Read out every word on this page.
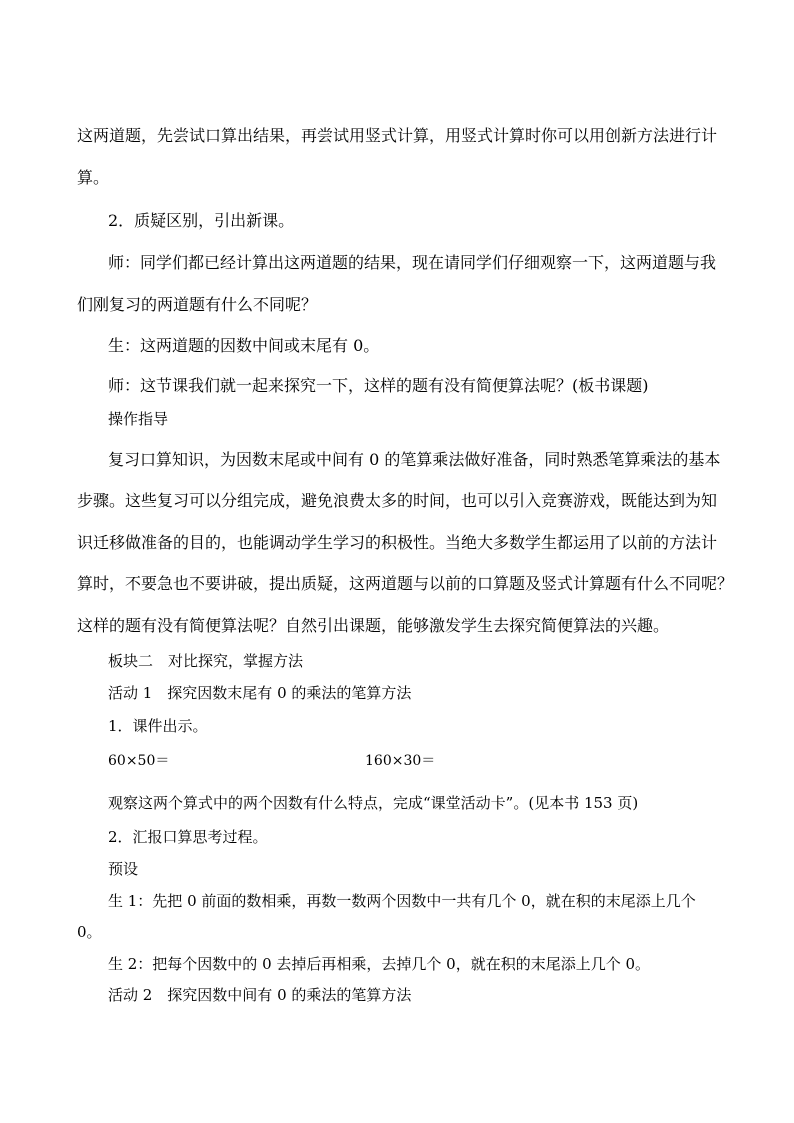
这两道题，先尝试口算出结果，再尝试用竖式计算，用竖式计算时你可以用创新方法进行计
算。
2．质疑区别，引出新课。
师：同学们都已经计算出这两道题的结果，现在请同学们仔细观察一下，这两道题与我
们刚复习的两道题有什么不同呢？
生：这两道题的因数中间或末尾有 0。
师：这节课我们就一起来探究一下，这样的题有没有简便算法呢？(板书课题)
操作指导
复习口算知识，为因数末尾或中间有 0 的笔算乘法做好准备，同时熟悉笔算乘法的基本
步骤。这些复习可以分组完成，避免浪费太多的时间，也可以引入竞赛游戏，既能达到为知
识迁移做准备的目的，也能调动学生学习的积极性。当绝大多数学生都运用了以前的方法计
算时，不要急也不要讲破，提出质疑，这两道题与以前的口算题及竖式计算题有什么不同呢？
这样的题有没有简便算法呢？自然引出课题，能够激发学生去探究简便算法的兴趣。
板块二　对比探究，掌握方法
活动 1　探究因数末尾有 0 的乘法的笔算方法
1．课件出示。
60×50＝	160×30＝
观察这两个算式中的两个因数有什么特点，完成“课堂活动卡”。(见本书 153 页)
2．汇报口算思考过程。
预设
生 1：先把 0 前面的数相乘，再数一数两个因数中一共有几个 0，就在积的末尾添上几个
0。
生 2：把每个因数中的 0 去掉后再相乘，去掉几个 0，就在积的末尾添上几个 0。
活动 2　探究因数中间有 0 的乘法的笔算方法
